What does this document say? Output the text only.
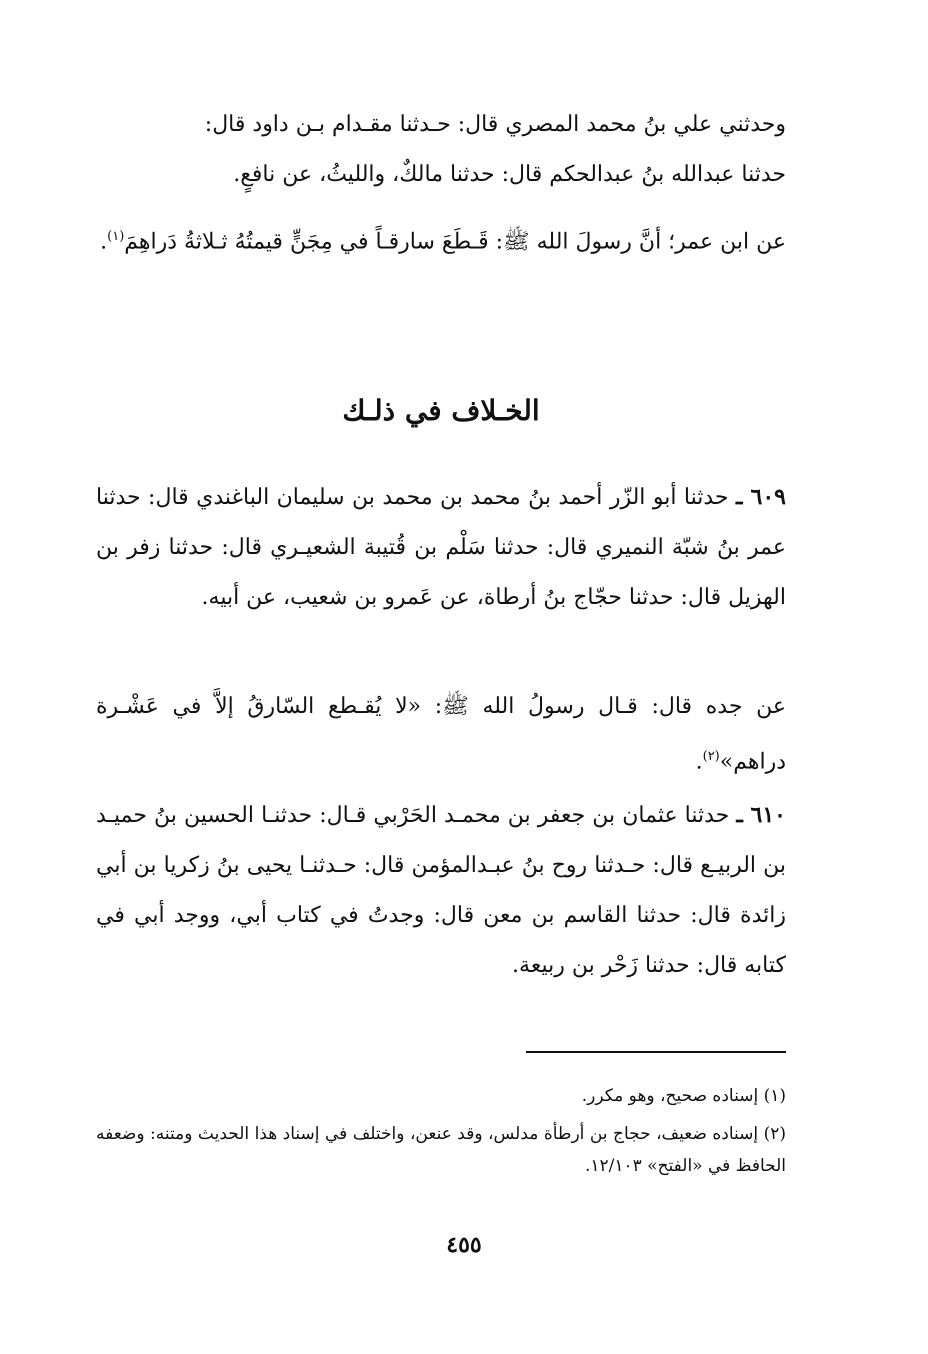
وحدثني علي بنُ محمد المصري قال: حـدثنا مقـدام بـن داود قال:

حدثنا عبدالله بنُ عبدالحكم قال: حدثنا مالكٌ، والليثُ، عن نافعٍ.

عن ابن عمر؛ أنَّ رسولَ الله ﷺ: قَـطَعَ سارقـاً في مِجَنٍّ قيمتُهُ ثـلاثةُ دَراهِمَ$^{(١)}$.

الخـلاف في ذلـك

٦٠٩ ـ حدثنا أبو الزّر أحمد بنُ محمد بن محمد بن سليمان الباغندي قال: حدثنا عمر بنُ شبّة النميري قال: حدثنا سَلْم بن قُتيبة الشعيـري قال: حدثنا زفر بن الهزيل قال: حدثنا حجّاج بنُ أرطاة، عن عَمرو بن شعيب، عن أبيه.

عن جده قال: قـال رسولُ الله ﷺ: «لا يُقـطع السّارقُ إلاَّ في عَشْـرة دراهم»$^{(٢)}$.

٦١٠ ـ حدثنا عثمان بن جعفر بن محمـد الحَرْبي قـال: حدثنـا الحسين بنُ حميـد بن الربيـع قال: حـدثنا روح بنُ عبـدالمؤمن قال: حـدثنـا يحيى بنُ زكريا بن أبي زائدة قال: حدثنا القاسم بن معن قال: وجدتُ في كتاب أبي، ووجد أبي في كتابه قال: حدثنا زَحْر بن ربيعة.

(١) إسناده صحيح، وهو مكرر.

(٢) إسناده ضعيف، حجاج بن أرطأة مدلس، وقد عنعن، واختلف في إسناد هذا الحديث ومتنه: وضعفه الحافظ في «الفتح» ١٢/١٠٣.

٤٥٥
